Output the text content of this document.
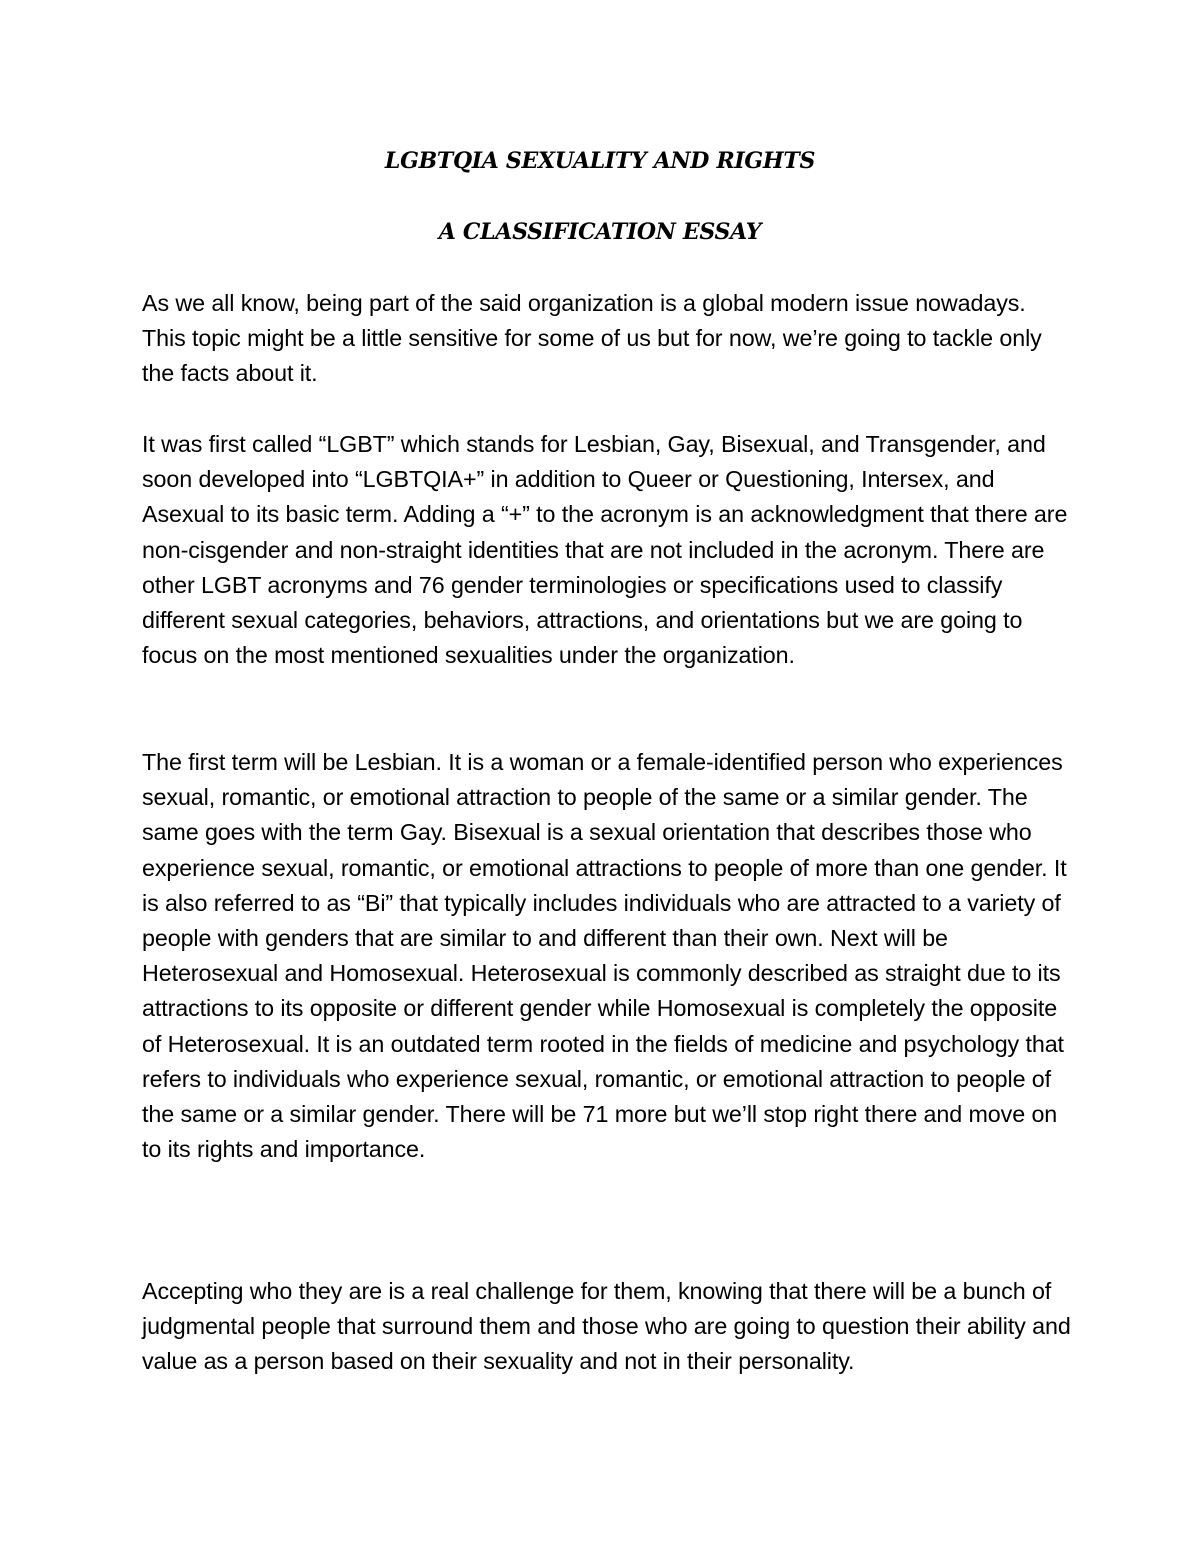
LGBTQIA SEXUALITY AND RIGHTS
A CLASSIFICATION ESSAY

As we all know, being part of the said organization is a global modern issue nowadays. This topic might be a little sensitive for some of us but for now, we’re going to tackle only the facts about it.

It was first called “LGBT” which stands for Lesbian, Gay, Bisexual, and Transgender, and soon developed into “LGBTQIA+” in addition to Queer or Questioning, Intersex, and Asexual to its basic term. Adding a “+” to the acronym is an acknowledgment that there are non-cisgender and non-straight identities that are not included in the acronym. There are other LGBT acronyms and 76 gender terminologies or specifications used to classify different sexual categories, behaviors, attractions, and orientations but we are going to focus on the most mentioned sexualities under the organization.

The first term will be Lesbian. It is a woman or a female-identified person who experiences sexual, romantic, or emotional attraction to people of the same or a similar gender. The same goes with the term Gay. Bisexual is a sexual orientation that describes those who experience sexual, romantic, or emotional attractions to people of more than one gender. It is also referred to as “Bi” that typically includes individuals who are attracted to a variety of people with genders that are similar to and different than their own. Next will be Heterosexual and Homosexual. Heterosexual is commonly described as straight due to its attractions to its opposite or different gender while Homosexual is completely the opposite of Heterosexual. It is an outdated term rooted in the fields of medicine and psychology that refers to individuals who experience sexual, romantic, or emotional attraction to people of the same or a similar gender. There will be 71 more but we’ll stop right there and move on to its rights and importance.

Accepting who they are is a real challenge for them, knowing that there will be a bunch of judgmental people that surround them and those who are going to question their ability and value as a person based on their sexuality and not in their personality.
